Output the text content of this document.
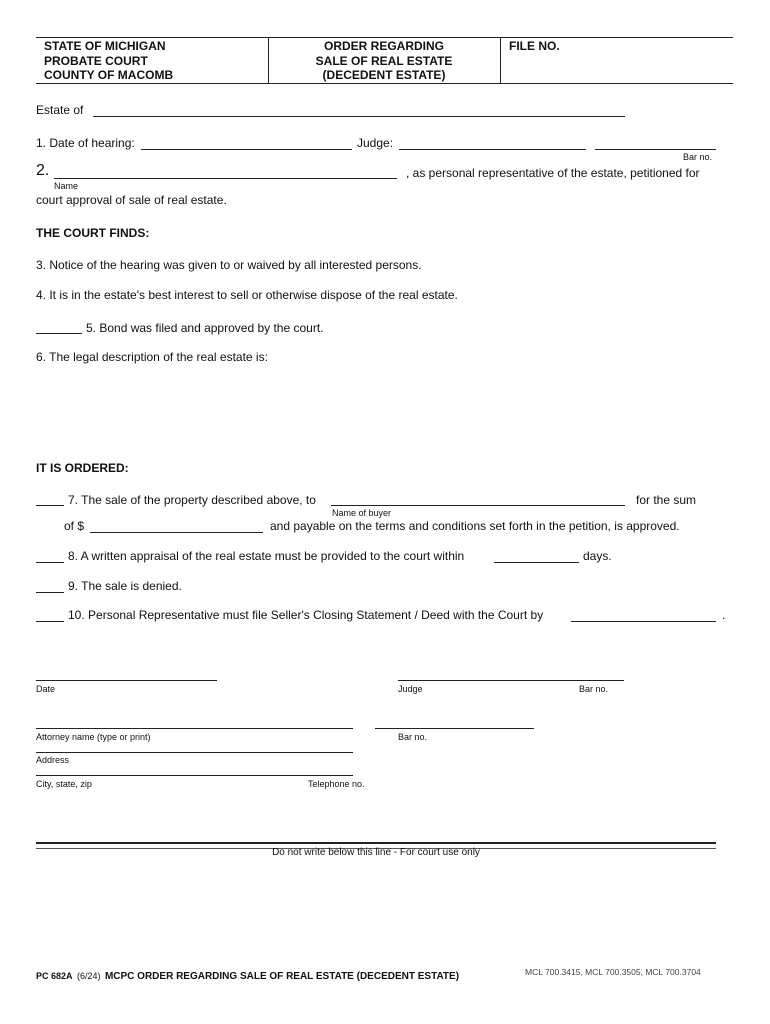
STATE OF MICHIGAN
PROBATE COURT
COUNTY OF MACOMB
ORDER REGARDING
SALE OF REAL ESTATE
(DECEDENT ESTATE)
FILE NO.
Estate of
1. Date of hearing:	Judge:
Bar no.
2.	, as personal representative of the estate, petitioned for
Name
court approval of sale of real estate.
THE COURT FINDS:
3. Notice of the hearing was given to or waived by all interested persons.
4. It is in the estate's best interest to sell or otherwise dispose of the real estate.
5. Bond was filed and approved by the court.
6. The legal description of the real estate is:
IT IS ORDERED:
7. The sale of the property described above, to	for the sum
Name of buyer
of $	and payable on the terms and conditions set forth in the petition, is approved.
8. A written appraisal of the real estate must be provided to the court within	days.
9. The sale is denied.
10. Personal Representative must file Seller's Closing Statement / Deed with the Court by	.
Date	Judge	Bar no.
Attorney name (type or print)	Bar no.
Address
City, state, zip	Telephone no.
Do not write below this line - For court use only
PC 682A (6/24) MCPC ORDER REGARDING SALE OF REAL ESTATE (DECEDENT ESTATE)	MCL 700.3415, MCL 700.3505, MCL 700.3704
